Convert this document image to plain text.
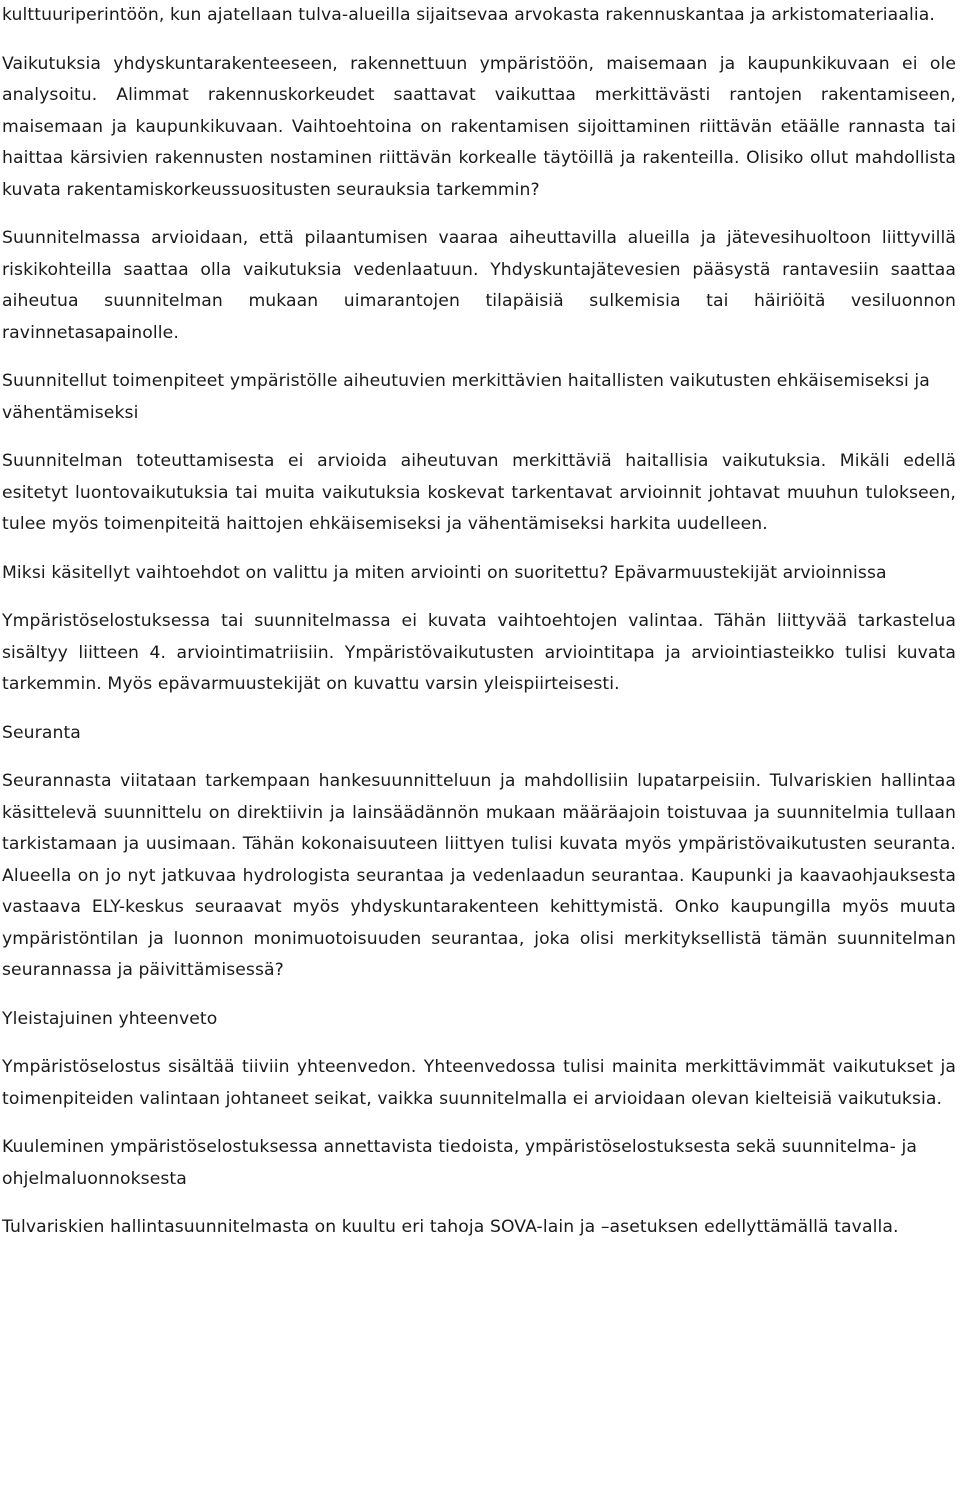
kulttuuriperintöön, kun ajatellaan tulva-alueilla sijaitsevaa arvokasta rakennuskantaa ja arkistomateriaalia.

Vaikutuksia yhdyskuntarakenteeseen, rakennettuun ympäristöön, maisemaan ja kaupunkikuvaan ei ole analysoitu. Alimmat rakennuskorkeudet saattavat vaikuttaa merkittävästi rantojen rakentamiseen, maisemaan ja kaupunkikuvaan. Vaihtoehtoina on rakentamisen sijoittaminen riittävän etäälle rannasta tai haittaa kärsivien rakennusten nostaminen riittävän korkealle täytöillä ja rakenteilla. Olisiko ollut mahdollista kuvata rakentamiskorkeussuositusten seurauksia tarkemmin?

Suunnitelmassa arvioidaan, että pilaantumisen vaaraa aiheuttavilla alueilla ja jätevesihuoltoon liittyvillä riskikohteilla saattaa olla vaikutuksia vedenlaatuun. Yhdyskuntajätevesien pääsystä rantavesiin saattaa aiheutua suunnitelman mukaan uimarantojen tilapäisiä sulkemisia tai häiriöitä vesiluonnon ravinnetasapainolle.

Suunnitellut toimenpiteet ympäristölle aiheutuvien merkittävien haitallisten vaikutusten ehkäisemiseksi ja vähentämiseksi

Suunnitelman toteuttamisesta ei arvioida aiheutuvan merkittäviä haitallisia vaikutuksia. Mikäli edellä esitetyt luontovaikutuksia tai muita vaikutuksia koskevat tarkentavat arvioinnit johtavat muuhun tulokseen, tulee myös toimenpiteitä haittojen ehkäisemiseksi ja vähentämiseksi harkita uudelleen.

Miksi käsitellyt vaihtoehdot on valittu ja miten arviointi on suoritettu? Epävarmuustekijät arvioinnissa

Ympäristöselostuksessa tai suunnitelmassa ei kuvata vaihtoehtojen valintaa. Tähän liittyvää tarkastelua sisältyy liitteen 4. arviointimatriisiin. Ympäristövaikutusten arviointitapa ja arviointiasteikko tulisi kuvata tarkemmin. Myös epävarmuustekijät on kuvattu varsin yleispiirteisesti.

Seuranta

Seurannasta viitataan tarkempaan hankesuunnitteluun ja mahdollisiin lupatarpeisiin. Tulvariskien hallintaa käsittelevä suunnittelu on direktiivin ja lainsäädännön mukaan määräajoin toistuvaa ja suunnitelmia tullaan tarkistamaan ja uusimaan. Tähän kokonaisuuteen liittyen tulisi kuvata myös ympäristövaikutusten seuranta. Alueella on jo nyt jatkuvaa hydrologista seurantaa ja vedenlaadun seurantaa. Kaupunki ja kaavaohjauksesta vastaava ELY-keskus seuraavat myös yhdyskuntarakenteen kehittymistä. Onko kaupungilla myös muuta ympäristöntilan ja luonnon monimuotoisuuden seurantaa, joka olisi merkityksellistä tämän suunnitelman seurannassa ja päivittämisessä?

Yleistajuinen yhteenveto

Ympäristöselostus sisältää tiiviin yhteenvedon. Yhteenvedossa tulisi mainita merkittävimmät vaikutukset ja toimenpiteiden valintaan johtaneet seikat, vaikka suunnitelmalla ei arvioidaan olevan kielteisiä vaikutuksia.

Kuuleminen ympäristöselostuksessa annettavista tiedoista, ympäristöselostuksesta sekä suunnitelma- ja ohjelmaluonnoksesta

Tulvariskien hallintasuunnitelmasta on kuultu eri tahoja SOVA-lain ja –asetuksen edellyttämällä tavalla.
